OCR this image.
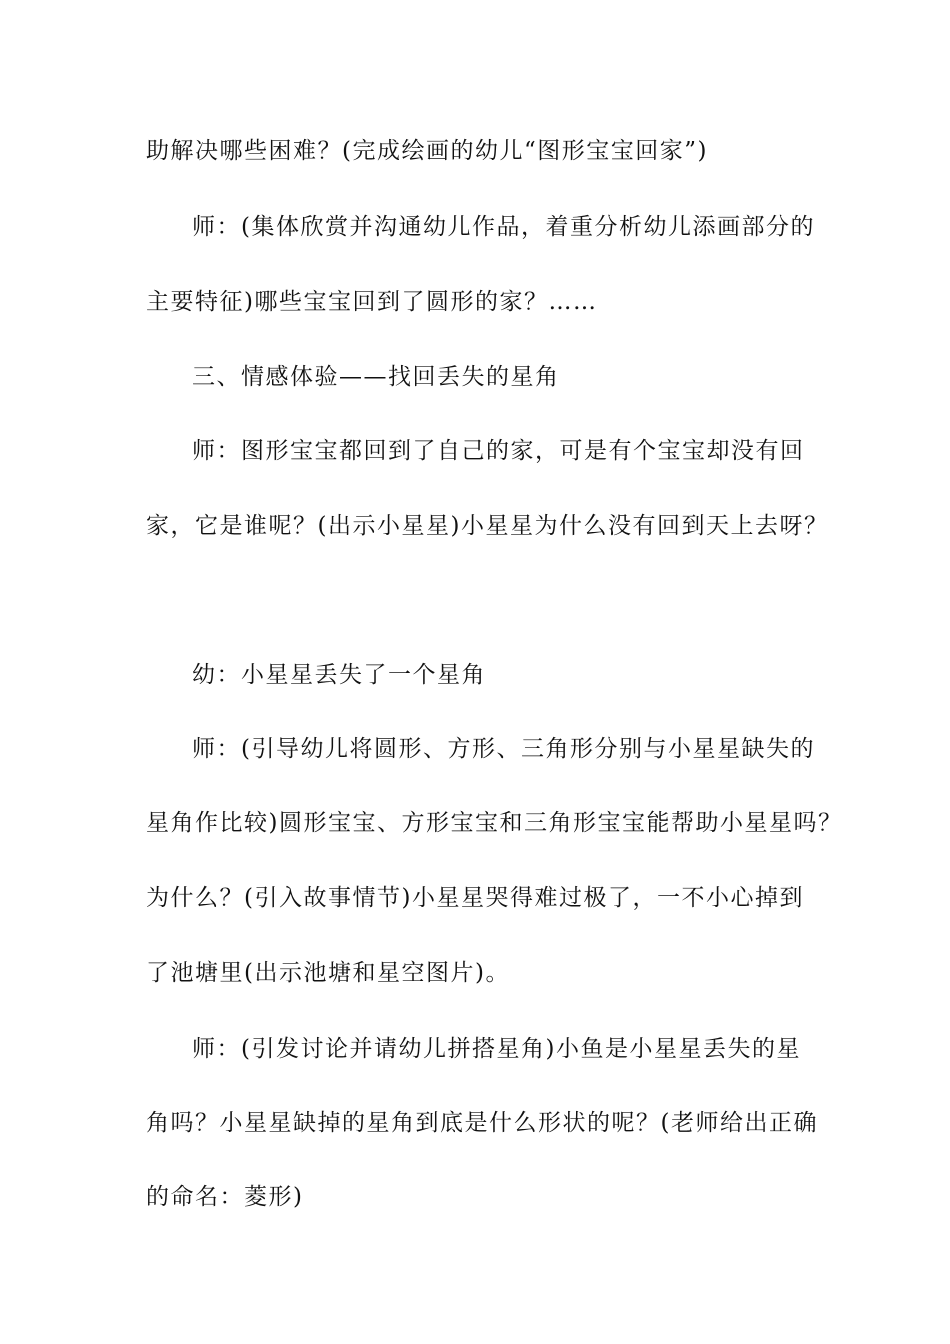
助解决哪些困难？(完成绘画的幼儿“图形宝宝回家”)
师：(集体欣赏并沟通幼儿作品，着重分析幼儿添画部分的
主要特征)哪些宝宝回到了圆形的家？……
三、情感体验——找回丢失的星角
师：图形宝宝都回到了自己的家，可是有个宝宝却没有回
家，它是谁呢？(出示小星星)小星星为什么没有回到天上去呀？
幼：小星星丢失了一个星角
师：(引导幼儿将圆形、方形、三角形分别与小星星缺失的
星角作比较)圆形宝宝、方形宝宝和三角形宝宝能帮助小星星吗？
为什么？(引入故事情节)小星星哭得难过极了，一不小心掉到
了池塘里(出示池塘和星空图片)。
师：(引发讨论并请幼儿拼搭星角)小鱼是小星星丢失的星
角吗？小星星缺掉的星角到底是什么形状的呢？(老师给出正确
的命名：菱形)
